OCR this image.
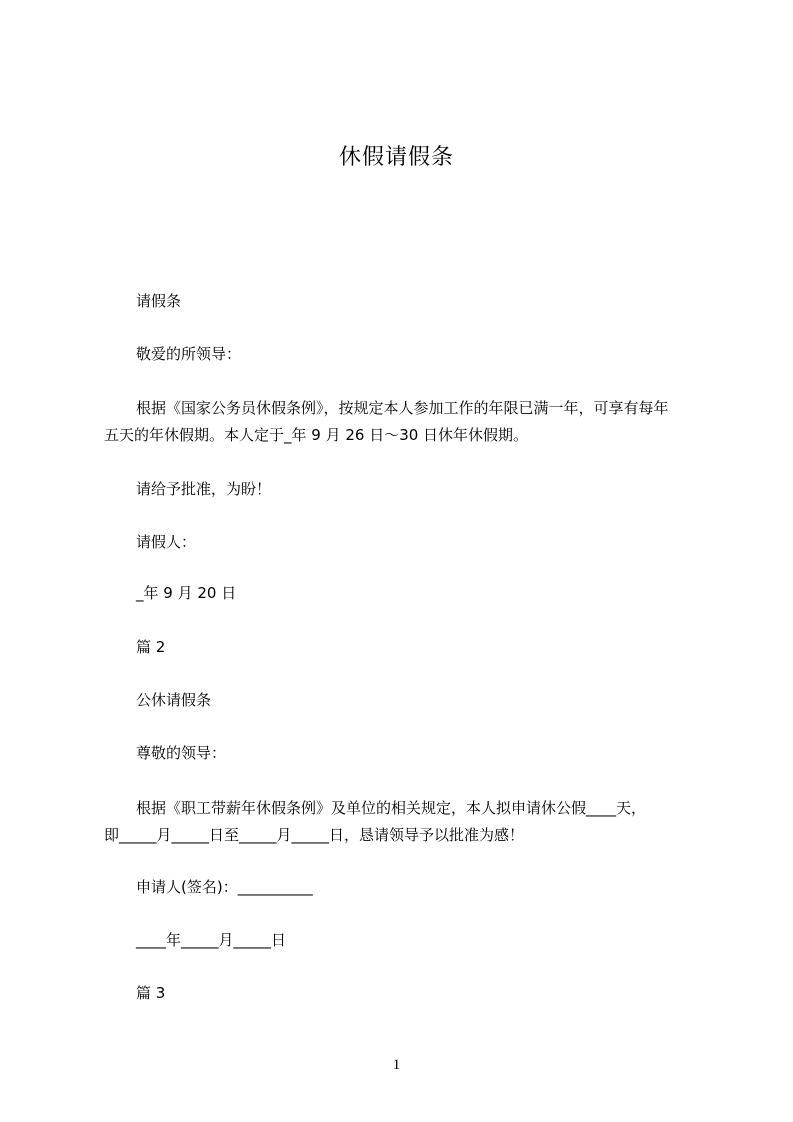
休假请假条
请假条
敬爱的所领导：
根据《国家公务员休假条例》，按规定本人参加工作的年限已满一年，可享有每年
五天的年休假期。本人定于_年 9 月 26 日～30 日休年休假期。
请给予批准，为盼！
请假人：
_年 9 月 20 日
篇 2
公休请假条
尊敬的领导：
根据《职工带薪年休假条例》及单位的相关规定，本人拟申请休公假____天，
即_____月_____日至_____月_____日，恳请领导予以批准为感！
申请人(签名)：__________
____年_____月_____日
篇 3
1
